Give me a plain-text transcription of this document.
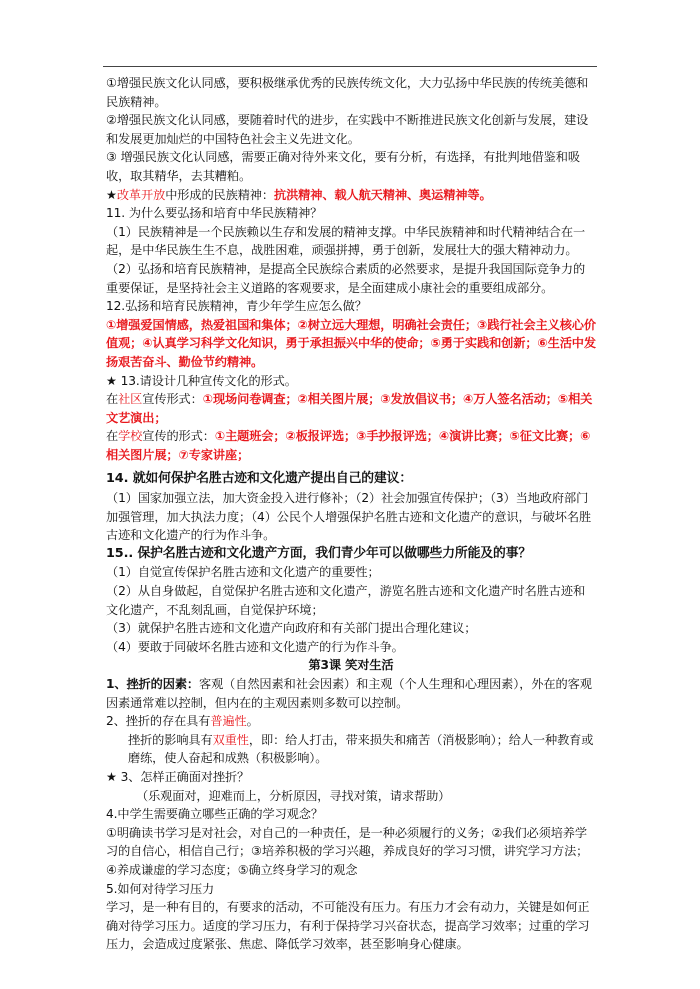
①增强民族文化认同感，要积极继承优秀的民族传统文化，大力弘扬中华民族的传统美德和民族精神。

②增强民族文化认同感，要随着时代的进步，在实践中不断推进民族文化创新与发展，建设和发展更加灿烂的中国特色社会主义先进文化。

③ 增强民族文化认同感，需要正确对待外来文化，要有分析，有选择，有批判地借鉴和吸收，取其精华，去其糟粕。

★改革开放中形成的民族精神：抗洪精神、载人航天精神、奥运精神等。

11. 为什么要弘扬和培育中华民族精神？

（1）民族精神是一个民族赖以生存和发展的精神支撑。中华民族精神和时代精神结合在一起，是中华民族生生不息，战胜困难，顽强拼搏，勇于创新，发展壮大的强大精神动力。

（2）弘扬和培育民族精神，是提高全民族综合素质的必然要求，是提升我国国际竞争力的重要保证，是坚持社会主义道路的客观要求，是全面建成小康社会的重要组成部分。

12.弘扬和培育民族精神，青少年学生应怎么做？

①增强爱国情感，热爱祖国和集体；②树立远大理想，明确社会责任；③践行社会主义核心价值观；④认真学习科学文化知识，勇于承担振兴中华的使命；⑤勇于实践和创新；⑥生活中发扬艰苦奋斗、勤俭节约精神。

★ 13.请设计几种宣传文化的形式。

在社区宣传形式：①现场问卷调查；②相关图片展；③发放倡议书；④万人签名活动；⑤相关文艺演出；

在学校宣传的形式：①主题班会；②板报评选；③手抄报评选；④演讲比赛；⑤征文比赛；⑥相关图片展；⑦专家讲座；

14. 就如何保护名胜古迹和文化遗产提出自己的建议：

（1）国家加强立法，加大资金投入进行修补；（2）社会加强宣传保护；（3）当地政府部门加强管理，加大执法力度；（4）公民个人增强保护名胜古迹和文化遗产的意识，与破坏名胜古迹和文化遗产的行为作斗争。

15.. 保护名胜古迹和文化遗产方面，我们青少年可以做哪些力所能及的事？

（1）自觉宣传保护名胜古迹和文化遗产的重要性；

（2）从自身做起，自觉保护名胜古迹和文化遗产，游览名胜古迹和文化遗产时名胜古迹和文化遗产，不乱刻乱画，自觉保护环境；

（3）就保护名胜古迹和文化遗产向政府和有关部门提出合理化建议；

（4）要敢于同破坏名胜古迹和文化遗产的行为作斗争。

第3课 笑对生活

1、挫折的因素：客观（自然因素和社会因素）和主观（个人生理和心理因素），外在的客观因素通常难以控制，但内在的主观因素则多数可以控制。

2、挫折的存在具有普遍性。

挫折的影响具有双重性，即：给人打击，带来损失和痛苦（消极影响）；给人一种教育或磨练，使人奋起和成熟（积极影响）。

★ 3、怎样正确面对挫折？

（乐观面对，迎难而上，分析原因，寻找对策，请求帮助）

4.中学生需要确立哪些正确的学习观念？

①明确读书学习是对社会，对自己的一种责任，是一种必须履行的义务；②我们必须培养学习的自信心，相信自己行；③培养积极的学习兴趣，养成良好的学习习惯，讲究学习方法；④养成谦虚的学习态度；⑤确立终身学习的观念

5.如何对待学习压力

学习，是一种有目的，有要求的活动，不可能没有压力。有压力才会有动力，关键是如何正确对待学习压力。适度的学习压力，有利于保持学习兴奋状态，提高学习效率；过重的学习压力，会造成过度紧张、焦虑、降低学习效率，甚至影响身心健康。
